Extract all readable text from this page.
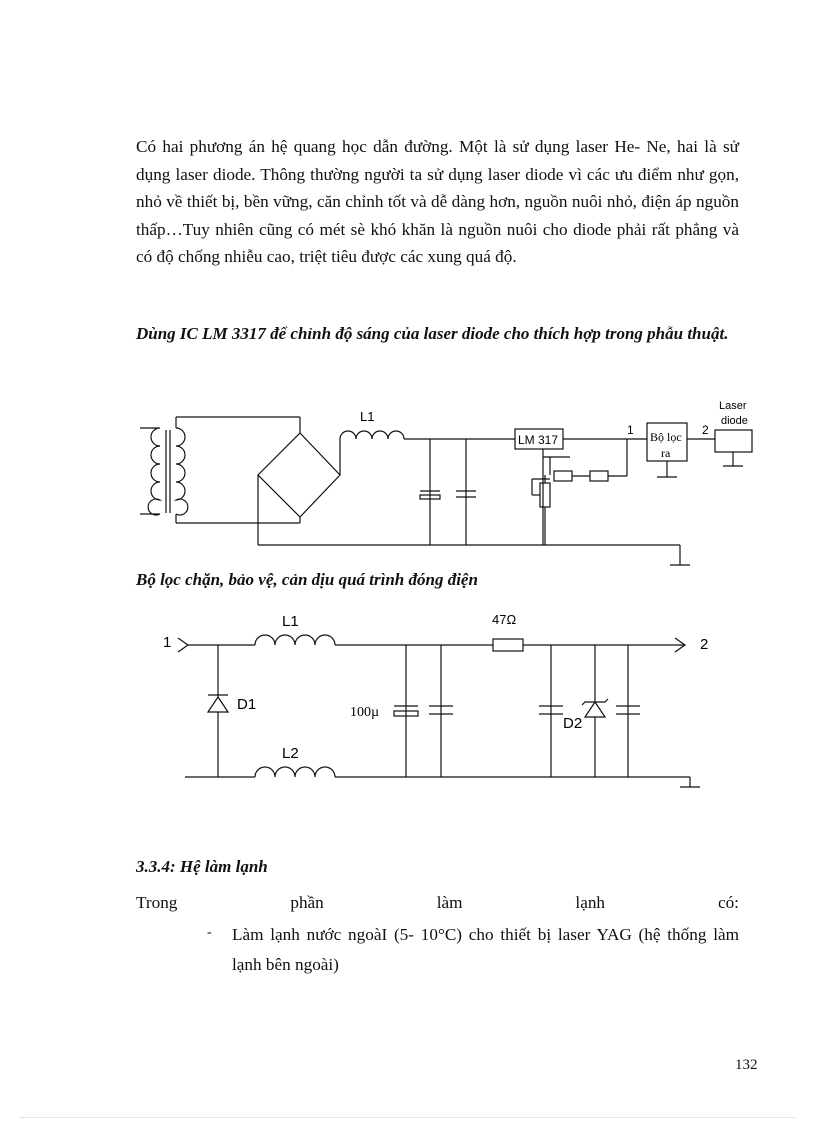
Có hai phương án hệ quang học dẫn đường. Một là sử dụng laser He- Ne, hai là sử dụng laser diode. Thông thường người ta sử dụng laser diode vì các ưu điểm như gọn, nhỏ về thiết bị, bền vững, căn chỉnh tốt và dễ dàng hơn, nguồn nuôi nhỏ, điện áp nguồn thấp…Tuy nhiên cũng có mét sè khó khăn là nguồn nuôi cho diode phải rất phẳng và có độ chống nhiễu cao, triệt tiêu được các xung quá độ.

Dùng IC LM 3317 để chỉnh độ sáng của laser diode cho thích hợp trong phẫu thuật.

L1
LM 317
1	2
Bộ lọc
ra
Laser
diode

Bộ lọc chặn, bảo vệ, cản dịu quá trình đóng điện

1	2
L1
L2
D1
D2
100µ
47Ω

3.3.4: Hệ làm lạnh

Trong	phần	làm	lạnh	có:
- Làm lạnh nước ngoàI (5- 10°C) cho thiết bị laser YAG (hệ thống làm lạnh bên ngoài)

132
